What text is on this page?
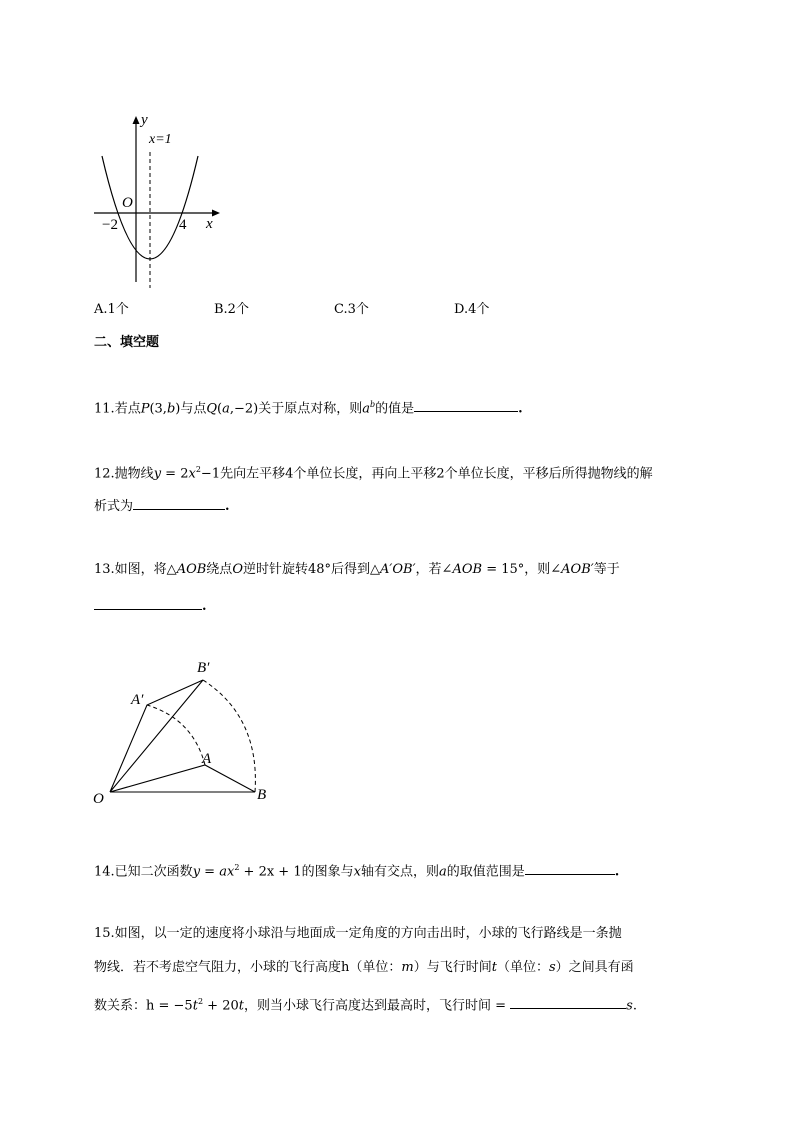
y
x
x=1
O
−2	4
A.1个	B.2个	C.3个	D.4个
二、填空题
11.若点P(3,b)与点Q(a,−2)关于原点对称，则$a^b$的值是	.
12.抛物线$y = 2x^2-1$先向左平移4个单位长度，再向上平移2个单位长度，平移后所得抛物线的解
析式为	.
13.如图，将△AOB绕点O逆时针旋转48°后得到△A′OB′，若∠AOB = 15°，则∠AOB′等于
.
B′
A′
A
O	B
14.已知二次函数$y = ax^2 + 2x + 1$的图象与x轴有交点，则a的取值范围是	.
15.如图，以一定的速度将小球沿与地面成一定角度的方向击出时，小球的飞行路线是一条抛
物线．若不考虑空气阻力，小球的飞行高度h（单位：m）与飞行时间t（单位：s）之间具有函
数关系：$h = -5t^2 + 20t$，则当小球飞行高度达到最高时，飞行时间 =	s.
